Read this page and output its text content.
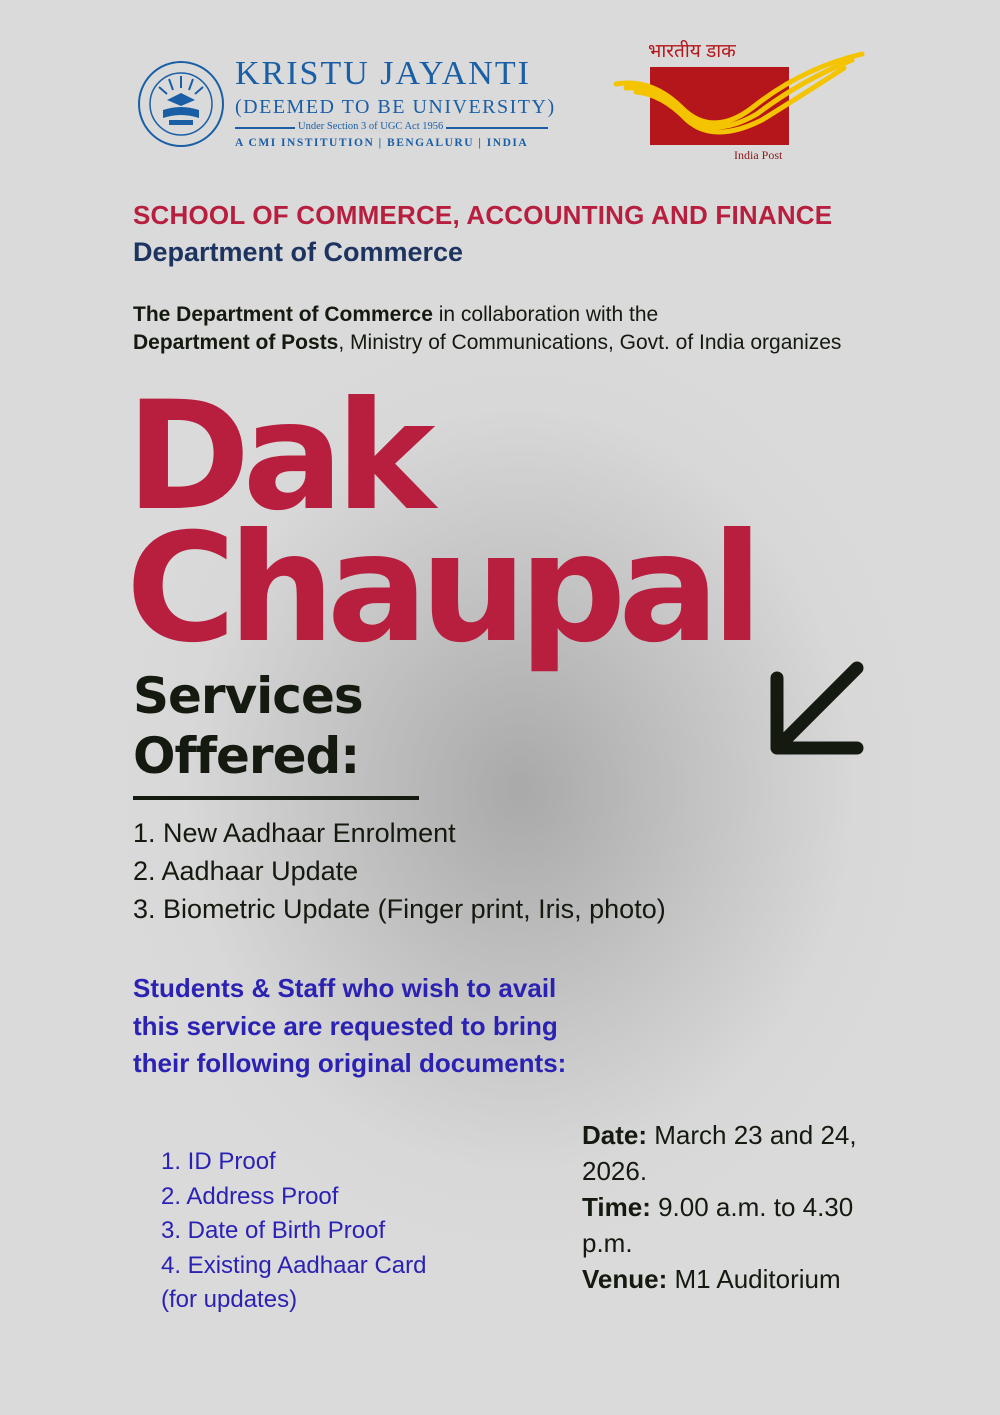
KRISTU JAYANTI
(DEEMED TO BE UNIVERSITY)
Under Section 3 of UGC Act 1956
A CMI INSTITUTION | BENGALURU | INDIA
भारतीय डाक
India Post
SCHOOL OF COMMERCE, ACCOUNTING AND FINANCE
Department of Commerce
The Department of Commerce in collaboration with the
Department of Posts, Ministry of Communications, Govt. of India organizes
Dak
Chaupal
Services
Offered:
1. New Aadhaar Enrolment
2. Aadhaar Update
3. Biometric Update (Finger print, Iris, photo)
Students & Staff who wish to avail this service are requested to bring their following original documents:
1. ID Proof
2. Address Proof
3. Date of Birth Proof
4. Existing Aadhaar Card
(for updates)
Date: March 23 and 24, 2026.
Time: 9.00 a.m. to 4.30 p.m.
Venue: M1 Auditorium
